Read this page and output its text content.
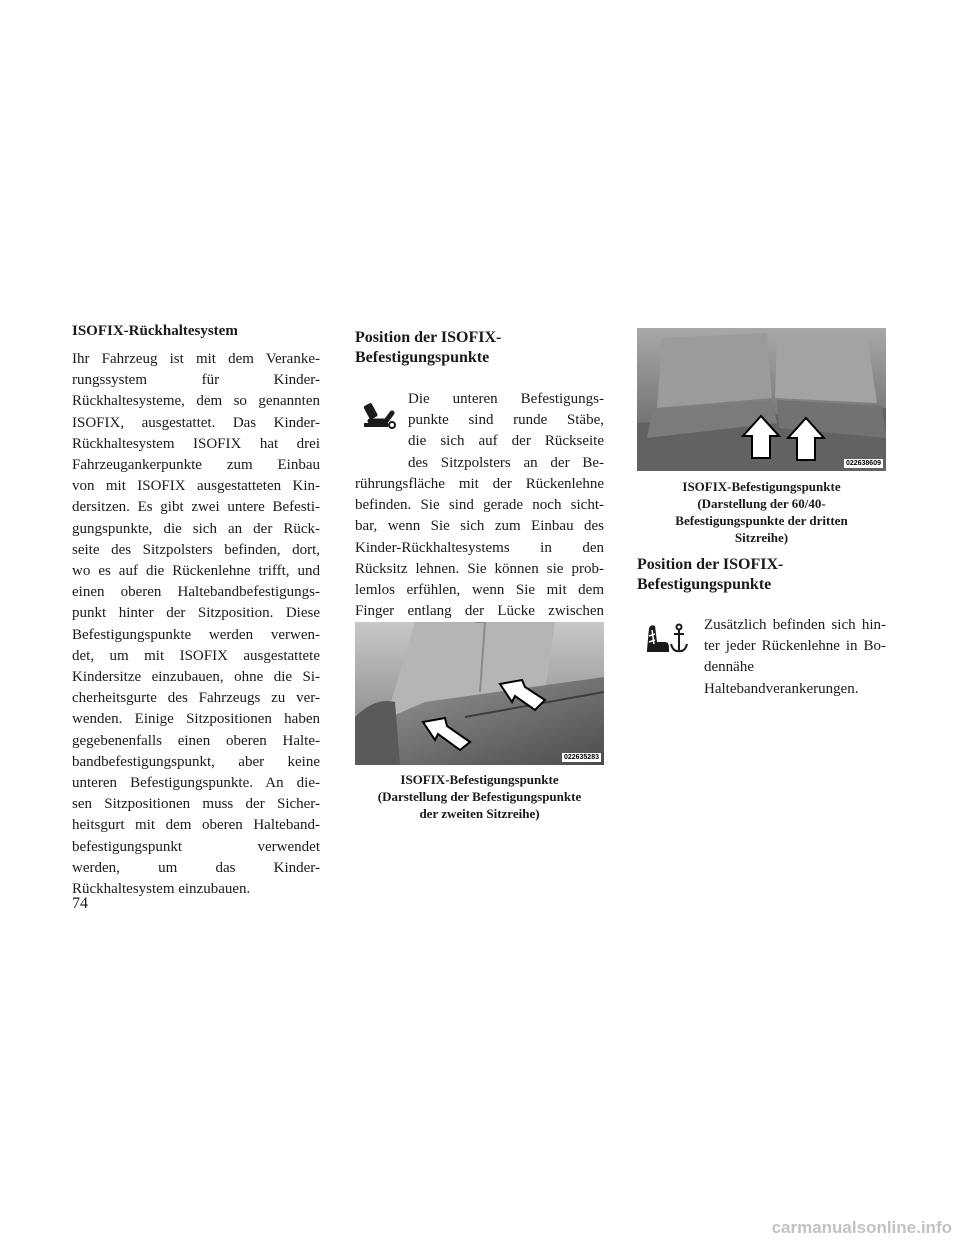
ISOFIX-Rückhaltesystem

Ihr Fahrzeug ist mit dem Veranke-
rungssystem für Kinder-
Rückhaltesysteme, dem so genannten
ISOFIX, ausgestattet. Das Kinder-
Rückhaltesystem ISOFIX hat drei
Fahrzeugankerpunkte zum Einbau
von mit ISOFIX ausgestatteten Kin-
dersitzen. Es gibt zwei untere Befesti-
gungspunkte, die sich an der Rück-
seite des Sitzpolsters befinden, dort,
wo es auf die Rückenlehne trifft, und
einen oberen Haltebandbefestigungs-
punkt hinter der Sitzposition. Diese
Befestigungspunkte werden verwen-
det, um mit ISOFIX ausgestattete
Kindersitze einzubauen, ohne die Si-
cherheitsgurte des Fahrzeugs zu ver-
wenden. Einige Sitzpositionen haben
gegebenenfalls einen oberen Halte-
bandbefestigungspunkt, aber keine
unteren Befestigungspunkte. An die-
sen Sitzpositionen muss der Sicher-
heitsgurt mit dem oberen Halteband-
befestigungspunkt verwendet
werden, um das Kinder-
Rückhaltesystem einzubauen.

Position der ISOFIX-
Befestigungspunkte

Die unteren Befestigungs-
punkte sind runde Stäbe,
die sich auf der Rückseite
des Sitzpolsters an der Be-
rührungsfläche mit der Rückenlehne
befinden. Sie sind gerade noch sicht-
bar, wenn Sie sich zum Einbau des
Kinder-Rückhaltesystems in den
Rücksitz lehnen. Sie können sie prob-
lemlos erfühlen, wenn Sie mit dem
Finger entlang der Lücke zwischen
022635283

ISOFIX-Befestigungspunkte
(Darstellung der Befestigungspunkte
der zweiten Sitzreihe)

022638609

ISOFIX-Befestigungspunkte
(Darstellung der 60/40-
Befestigungspunkte der dritten
Sitzreihe)

Position der ISOFIX-
Befestigungspunkte

Zusätzlich befinden sich hin-
ter jeder Rückenlehne in Bo-
dennähe
Haltebandverankerungen.
74
carmanualsonline.info
